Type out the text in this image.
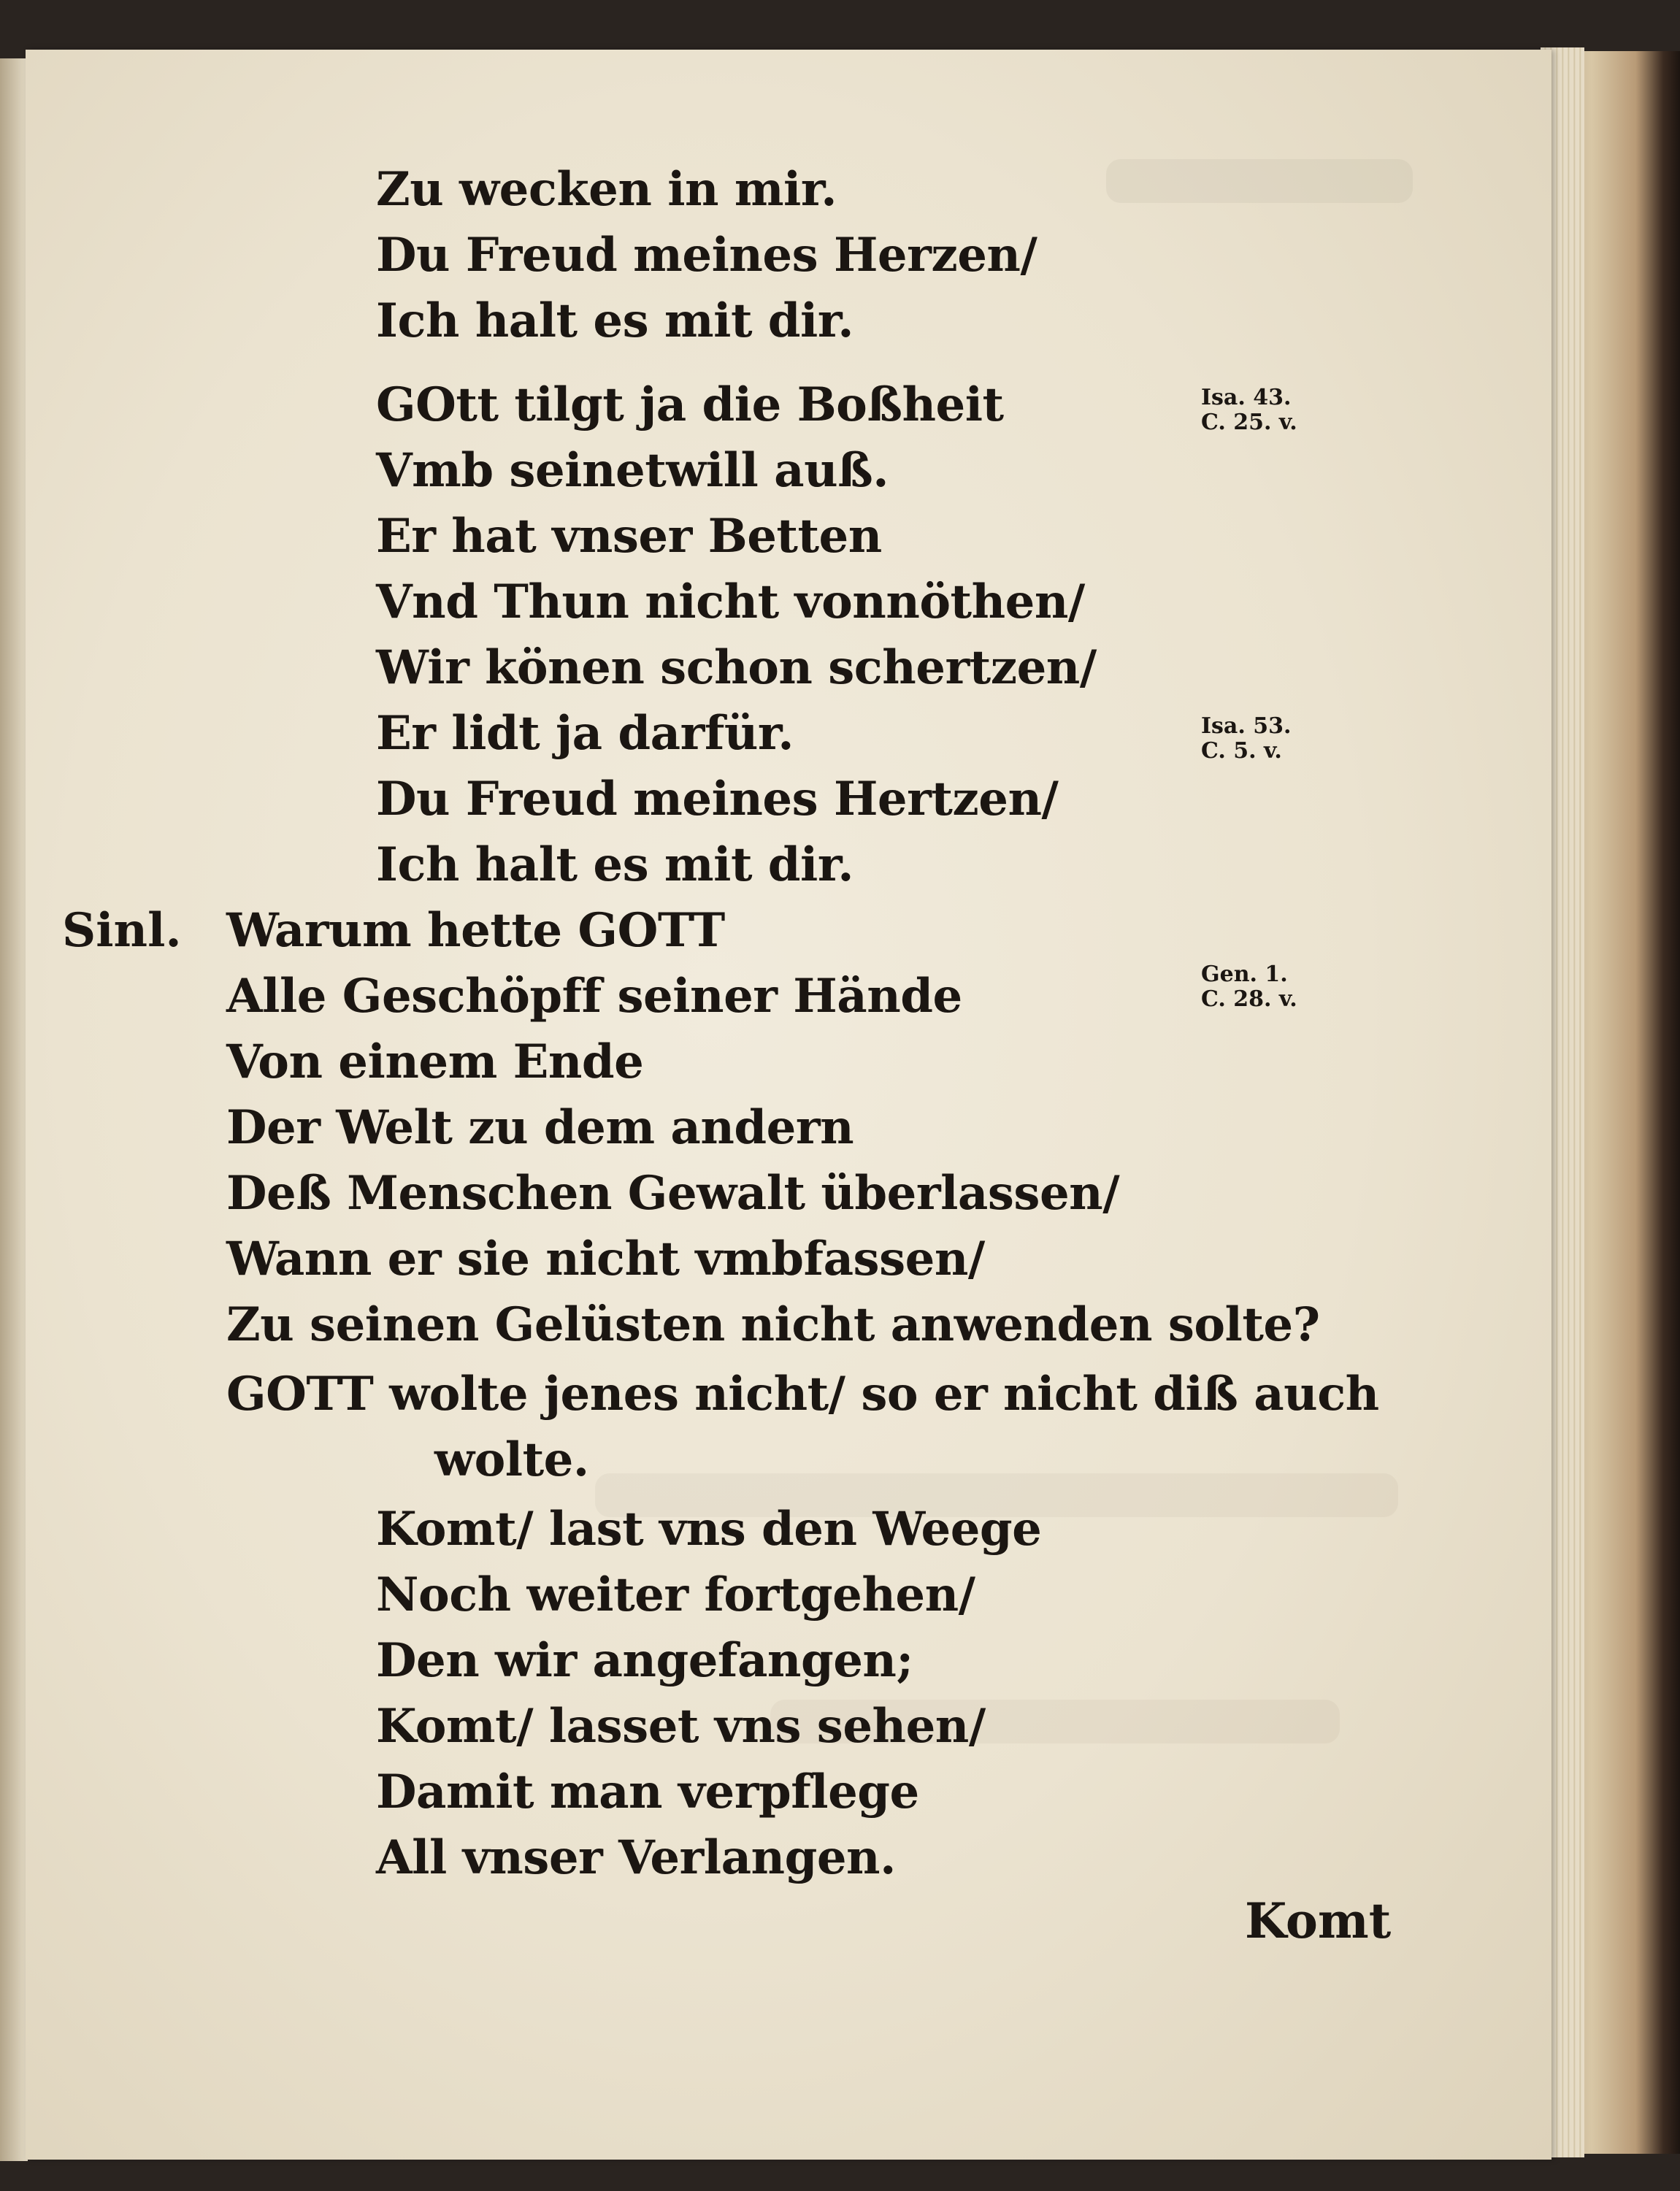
Zu wecken in mir.
Du Freud meines Herzen/
Ich halt es mit dir.
GOtt tilgt ja die Boßheit
Vmb seinetwill auß.
Er hat vnser Betten
Vnd Thun nicht vonnöthen/
Wir könen schon schertzen/
Er lidt ja darfür.
Du Freud meines Hertzen/
Ich halt es mit dir.
Sinl. Warum hette GOTT
Alle Geschöpff seiner Hände
Von einem Ende
Der Welt zu dem andern
Deß Menschen Gewalt überlassen/
Wann er sie nicht vmbfassen/
Zu seinen Gelüsten nicht anwenden solte?
GOTT wolte jenes nicht/ so er nicht diß auch
wolte.
Komt/ last vns den Weege
Noch weiter fortgehen/
Den wir angefangen;
Komt/ lasset vns sehen/
Damit man verpflege
All vnser Verlangen.
Isa. 43.
C. 25. v.
Isa. 53.
C. 5. v.
Gen. 1.
C. 28. v.
Komt
